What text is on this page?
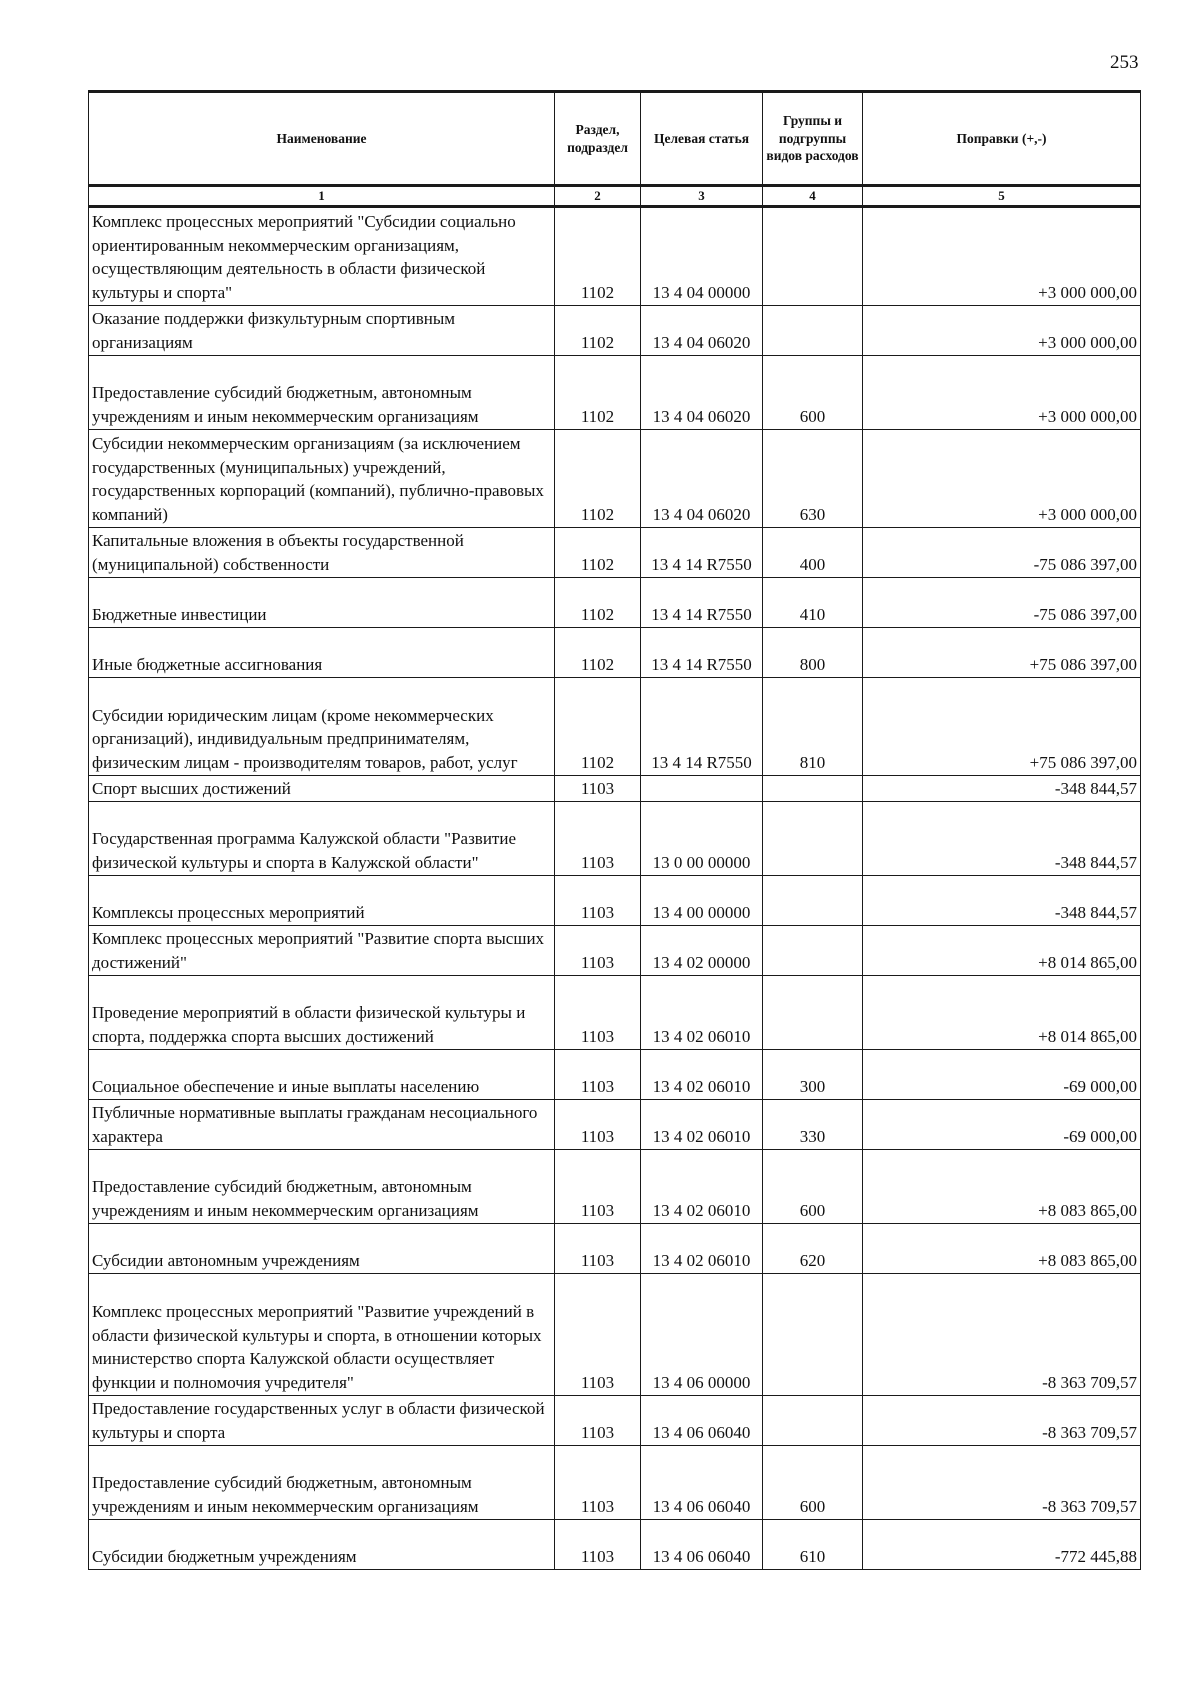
253
Наименование	Раздел, подраздел	Целевая статья	Группы и подгруппы видов расходов	Поправки (+,-)
1	2	3	4	5
Комплекс процессных мероприятий "Субсидии социально ориентированным некоммерческим организациям, осуществляющим деятельность в области физической культуры и спорта"	1102	13 4 04 00000		+3 000 000,00
Оказание поддержки физкультурным спортивным организациям	1102	13 4 04 06020		+3 000 000,00
Предоставление субсидий бюджетным, автономным учреждениям и иным некоммерческим организациям	1102	13 4 04 06020	600	+3 000 000,00
Субсидии некоммерческим организациям (за исключением государственных (муниципальных) учреждений, государственных корпораций (компаний), публично-правовых компаний)	1102	13 4 04 06020	630	+3 000 000,00
Капитальные вложения в объекты государственной (муниципальной) собственности	1102	13 4 14 R7550	400	-75 086 397,00
Бюджетные инвестиции	1102	13 4 14 R7550	410	-75 086 397,00
Иные бюджетные ассигнования	1102	13 4 14 R7550	800	+75 086 397,00
Субсидии юридическим лицам (кроме некоммерческих организаций), индивидуальным предпринимателям, физическим лицам - производителям товаров, работ, услуг	1102	13 4 14 R7550	810	+75 086 397,00
Спорт высших достижений	1103			-348 844,57
Государственная программа Калужской области "Развитие физической культуры и спорта в Калужской области"	1103	13 0 00 00000		-348 844,57
Комплексы процессных мероприятий	1103	13 4 00 00000		-348 844,57
Комплекс процессных мероприятий "Развитие спорта высших достижений"	1103	13 4 02 00000		+8 014 865,00
Проведение мероприятий в области физической культуры и спорта, поддержка спорта высших достижений	1103	13 4 02 06010		+8 014 865,00
Социальное обеспечение и иные выплаты населению	1103	13 4 02 06010	300	-69 000,00
Публичные нормативные выплаты гражданам несоциального характера	1103	13 4 02 06010	330	-69 000,00
Предоставление субсидий бюджетным, автономным учреждениям и иным некоммерческим организациям	1103	13 4 02 06010	600	+8 083 865,00
Субсидии автономным учреждениям	1103	13 4 02 06010	620	+8 083 865,00
Комплекс процессных мероприятий "Развитие учреждений в области физической культуры и спорта, в отношении которых министерство спорта Калужской области осуществляет функции и полномочия учредителя"	1103	13 4 06 00000		-8 363 709,57
Предоставление государственных услуг в области физической культуры и спорта	1103	13 4 06 06040		-8 363 709,57
Предоставление субсидий бюджетным, автономным учреждениям и иным некоммерческим организациям	1103	13 4 06 06040	600	-8 363 709,57
Субсидии бюджетным учреждениям	1103	13 4 06 06040	610	-772 445,88
